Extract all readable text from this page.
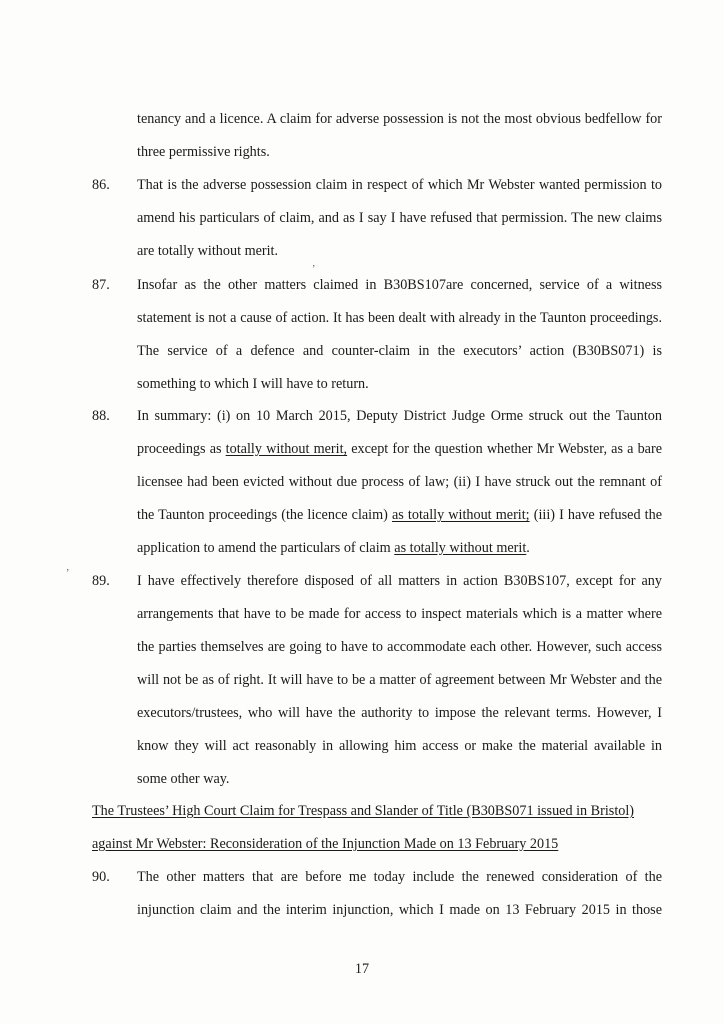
tenancy and a licence. A claim for adverse possession is not the most obvious bedfellow for
three permissive rights.
86. That is the adverse possession claim in respect of which Mr Webster wanted permission to
amend his particulars of claim, and as I say I have refused that permission. The new claims
are totally without merit.
ʼ
87. Insofar as the other matters claimed in B30BS107are concerned, service of a witness
statement is not a cause of action. It has been dealt with already in the Taunton proceedings.
The service of a defence and counter-claim in the executors’ action (B30BS071) is
something to which I will have to return.
88. In summary: (i) on 10 March 2015, Deputy District Judge Orme struck out the Taunton
proceedings as totally without merit, except for the question whether Mr Webster, as a bare
licensee had been evicted without due process of law; (ii) I have struck out the remnant of
the Taunton proceedings (the licence claim) as totally without merit; (iii) I have refused the
application to amend the particulars of claim as totally without merit.
ʼ 89. I have effectively therefore disposed of all matters in action B30BS107, except for any
arrangements that have to be made for access to inspect materials which is a matter where
the parties themselves are going to have to accommodate each other. However, such access
will not be as of right. It will have to be a matter of agreement between Mr Webster and the
executors/trustees, who will have the authority to impose the relevant terms. However, I
know they will act reasonably in allowing him access or make the material available in
some other way.
The Trustees’ High Court Claim for Trespass and Slander of Title (B30BS071 issued in Bristol)
against Mr Webster: Reconsideration of the Injunction Made on 13 February 2015
90. The other matters that are before me today include the renewed consideration of the
injunction claim and the interim injunction, which I made on 13 February 2015 in those
17
